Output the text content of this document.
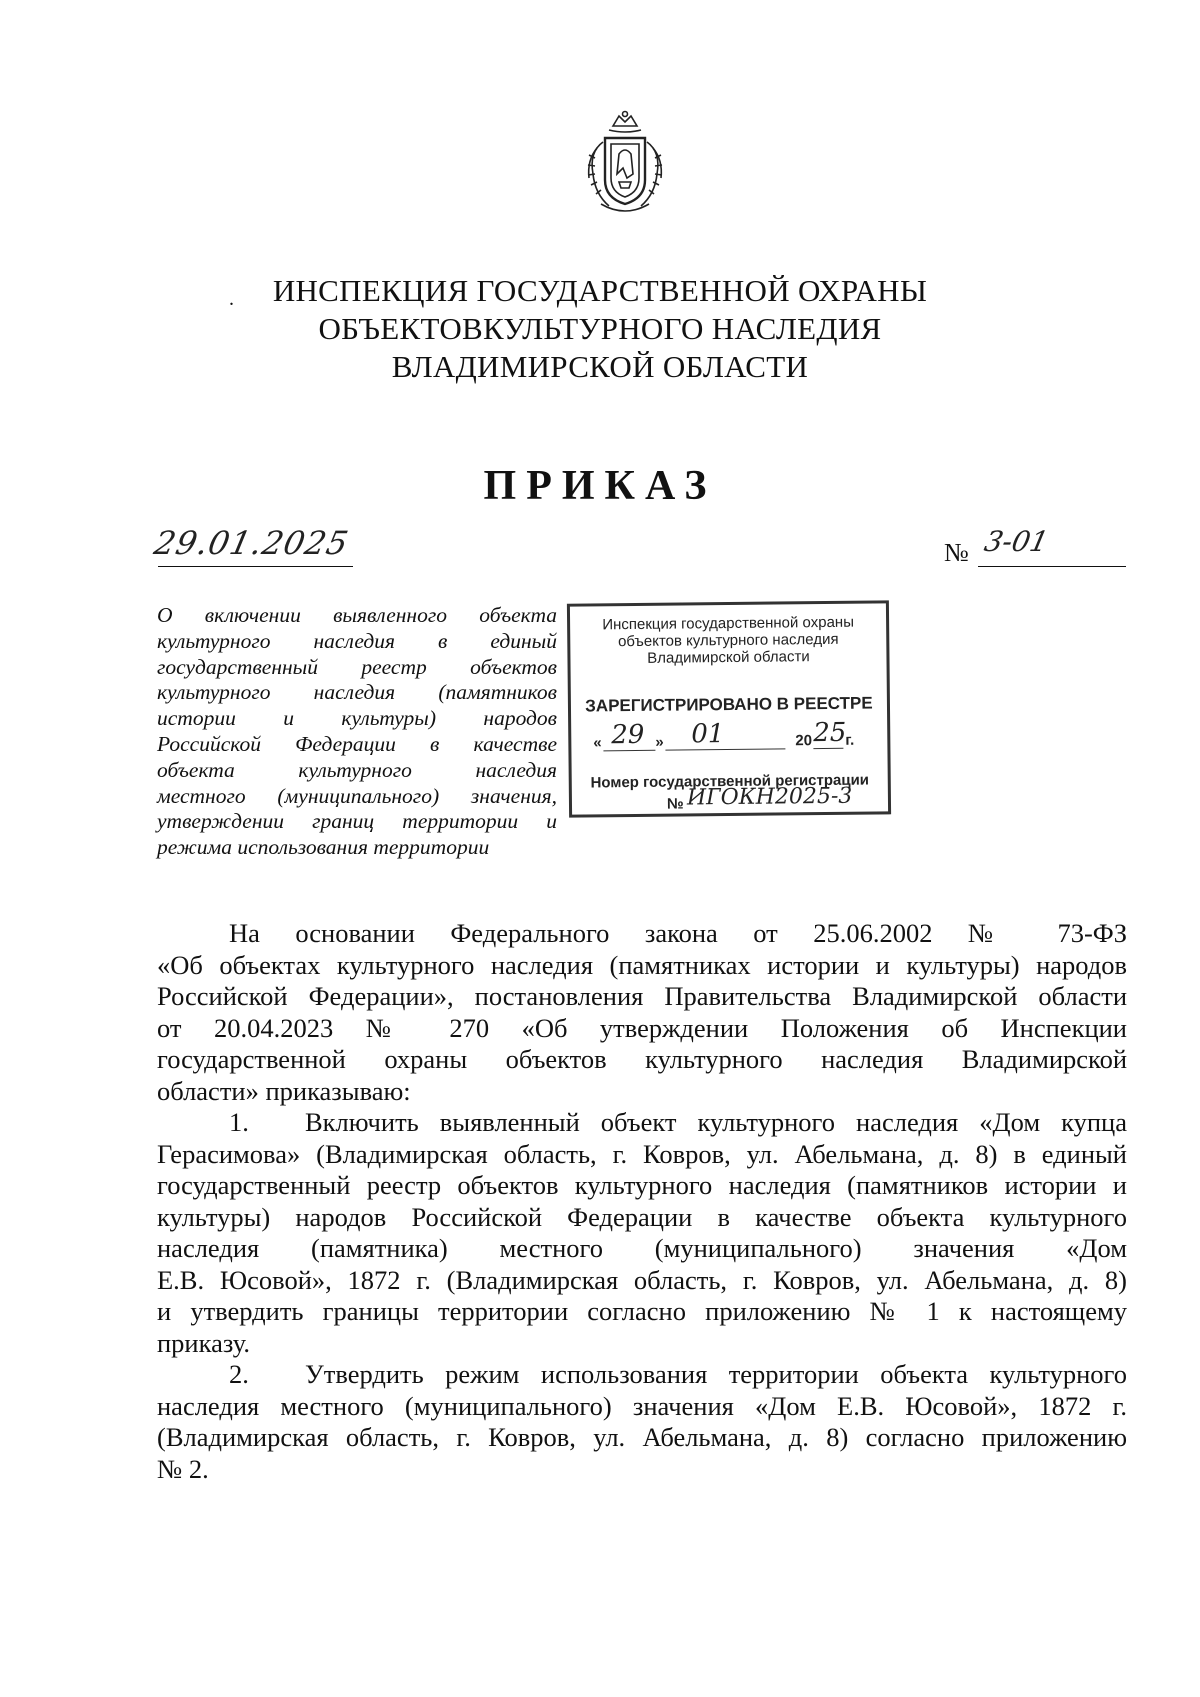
.	ИНСПЕКЦИЯ ГОСУДАРСТВЕННОЙ ОХРАНЫ
ОБЪЕКТОВКУЛЬТУРНОГО НАСЛЕДИЯ
ВЛАДИМИРСКОЙ ОБЛАСТИ
ПРИКАЗ
29.01.2025	№ 3-01
О включении выявленного объекта
культурного наследия в единый
государственный реестр объектов
культурного наследия (памятников
истории и культуры) народов
Российской Федерации в качестве
объекта культурного наследия
местного (муниципального) значения,
утверждении границ территории и
режима использования территории
Инспекция государственной охраны
объектов культурного наследия
Владимирской области
ЗАРЕГИСТРИРОВАНО В РЕЕСТРЕ
« 29 » 01	20 25
г.
Номер государственной регистрации
№ ИГОКН2025-3
На основании Федерального закона от 25.06.2002 № 73-ФЗ
«Об объектах культурного наследия (памятниках истории и культуры) народов
Российской Федерации», постановления Правительства Владимирской области
от 20.04.2023 № 270 «Об утверждении Положения об Инспекции
государственной охраны объектов культурного наследия Владимирской
области» приказываю:
1. Включить выявленный объект культурного наследия «Дом купца
Герасимова» (Владимирская область, г. Ковров, ул. Абельмана, д. 8) в единый
государственный реестр объектов культурного наследия (памятников истории и
культуры) народов Российской Федерации в качестве объекта культурного
наследия (памятника) местного (муниципального) значения «Дом
Е.В. Юсовой», 1872 г. (Владимирская область, г. Ковров, ул. Абельмана, д. 8)
и утвердить границы территории согласно приложению № 1 к настоящему
приказу.
2. Утвердить режим использования территории объекта культурного
наследия местного (муниципального) значения «Дом Е.В. Юсовой», 1872 г.
(Владимирская область, г. Ковров, ул. Абельмана, д. 8) согласно приложению
№ 2.
